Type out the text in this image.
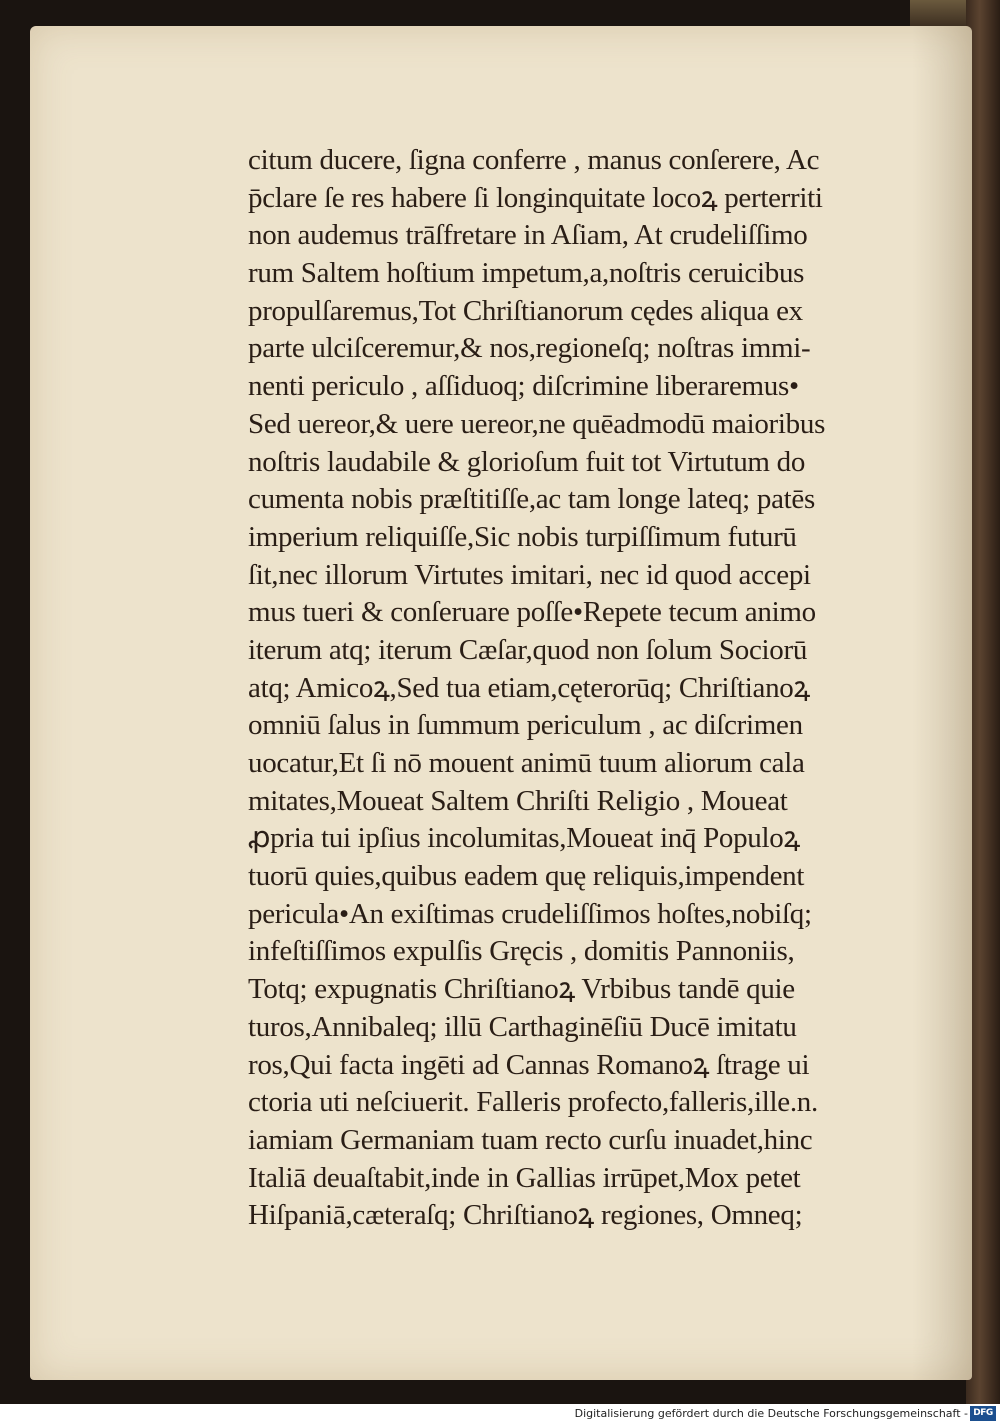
citum ducere, ſigna conferre , manus conſerere, Ac
p̄clare ſe res habere ſi longinquitate locoꝝ perterriti
non audemus trāſfretare in Aſiam, At crudeliſſimo
rum Saltem hoſtium impetum,a,noſtris ceruicibus
propulſaremus,Tot Chriſtianorum cędes aliqua ex
parte ulciſceremur,& nos,regioneſq; noſtras immi-
nenti periculo , aſſiduoq; diſcrimine liberaremus•
Sed uereor,& uere uereor,ne quēadmodū maioribus
noſtris laudabile & glorioſum fuit tot Virtutum do
cumenta nobis præſtitiſſe,ac tam longe lateq; patēs
imperium reliquiſſe,Sic nobis turpiſſimum futurū
ſit,nec illorum Virtutes imitari, nec id quod accepi
mus tueri & conſeruare poſſe•Repete tecum animo
iterum atq; iterum Cæſar,quod non ſolum Sociorū
atq; Amicoꝝ,Sed tua etiam,cęterorūq; Chriſtianoꝝ
omniū ſalus in ſummum periculum , ac diſcrimen
uocatur,Et ſi nō mouent animū tuum aliorum cala
mitates,Moueat Saltem Chriſti Religio , Moueat
ꝓpria tui ipſius incolumitas,Moueat inq̄ Populoꝝ
tuorū quies,quibus eadem quę reliquis,impendent
pericula•An exiſtimas crudeliſſimos hoſtes,nobiſq;
infeſtiſſimos expulſis Gręcis , domitis Pannoniis,
Totq; expugnatis Chriſtianoꝝ Vrbibus tandē quie
turos,Annibaleq; illū Carthaginēſiū Ducē imitatu
ros,Qui facta ingēti ad Cannas Romanoꝝ ſtrage ui
ctoria uti neſciuerit. Falleris profecto,falleris,ille.n.
iamiam Germaniam tuam recto curſu inuadet,hinc
Italiā deuaſtabit,inde in Gallias irrūpet,Mox petet
Hiſpaniā,cæteraſq; Chriſtianoꝝ regiones, Omneq;
Digitalisierung gefördert durch die Deutsche Forschungsgemeinschaft - DFG
